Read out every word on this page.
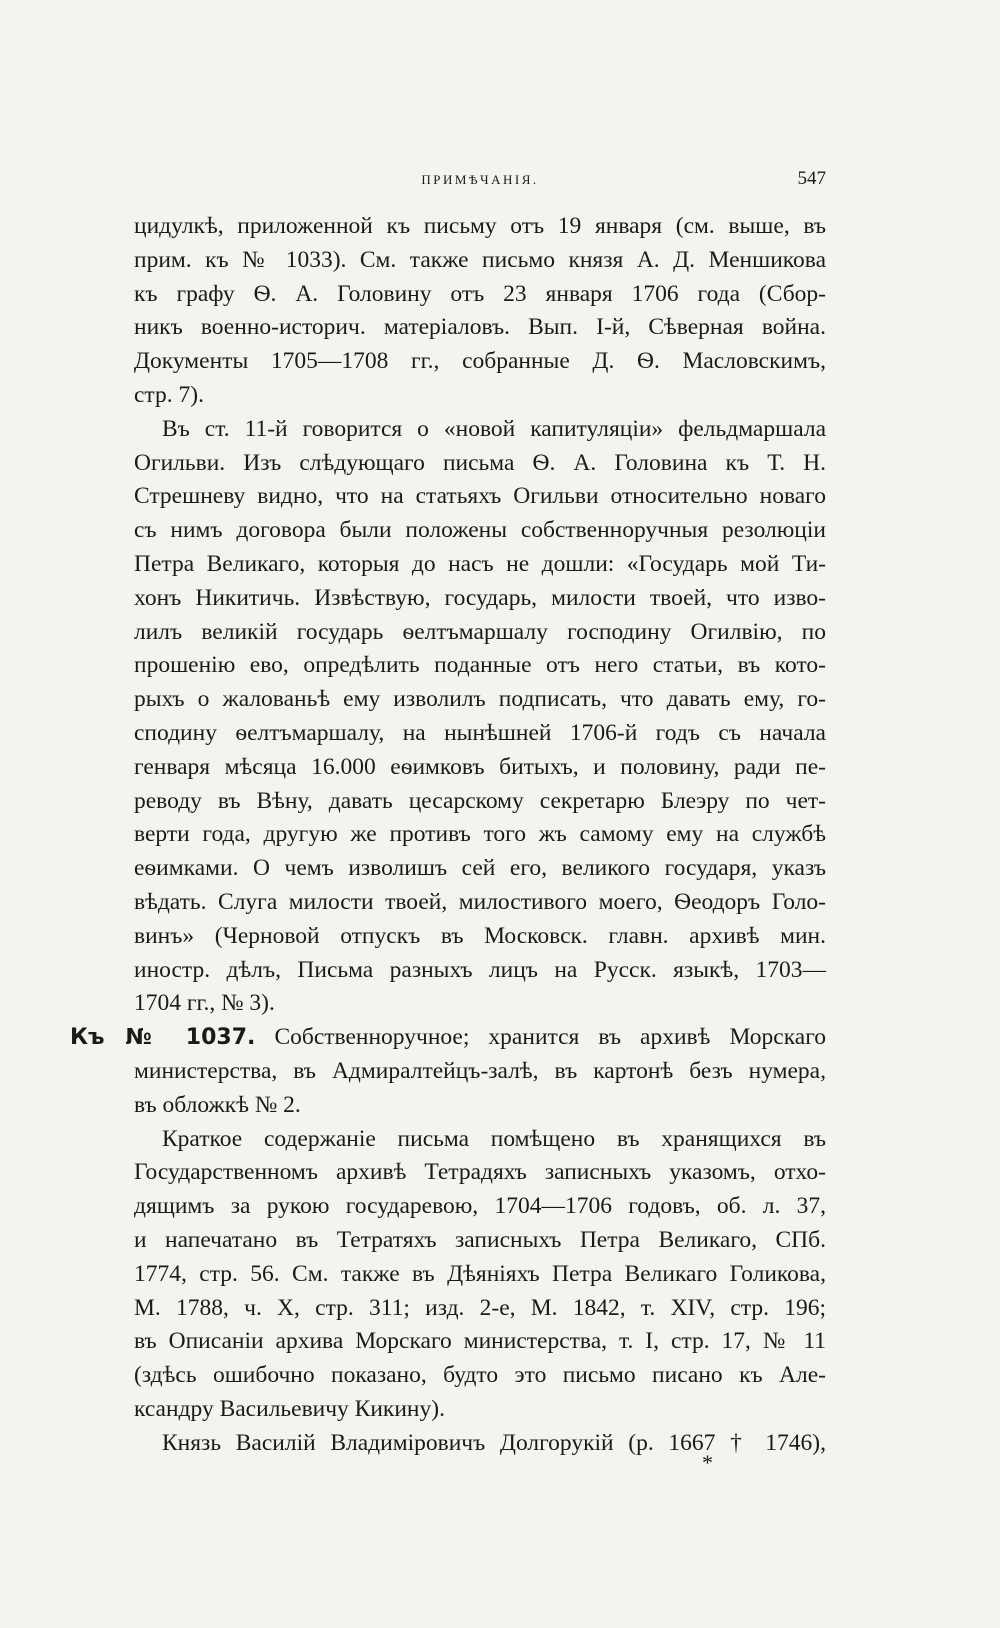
ПРИМѢЧАНІЯ.	547
цидулкѣ, приложенной къ письму отъ 19 января (см. выше, въ
прим. къ № 1033). См. также письмо князя А. Д. Меншикова
къ графу Ѳ. А. Головину отъ 23 января 1706 года (Сбор-
никъ военно-историч. матеріаловъ. Вып. І-й, Сѣверная война.
Документы 1705—1708 гг., собранные Д. Ѳ. Масловскимъ,
стр. 7).
Въ ст. 11-й говорится о «новой капитуляціи» фельдмаршала
Огильви. Изъ слѣдующаго письма Ѳ. А. Головина къ Т. Н.
Стрешневу видно, что на статьяхъ Огильви относительно новаго
съ нимъ договора были положены собственноручныя резолюціи
Петра Великаго, которыя до насъ не дошли: «Государь мой Ти-
хонъ Никитичь. Извѣствую, государь, милости твоей, что изво-
лилъ великій государь ѳелтъмаршалу господину Огилвію, по
прошенію ево, опредѣлить поданные отъ него статьи, въ кото-
рыхъ о жалованьѣ ему изволилъ подписать, что давать ему, го-
сподину ѳелтъмаршалу, на нынѣшней 1706-й годъ съ начала
генваря мѣсяца 16.000 еѳимковъ битыхъ, и половину, ради пе-
реводу въ Вѣну, давать цесарскому секретарю Блеэру по чет-
верти года, другую же противъ того жъ самому ему на службѣ
еѳимками. О чемъ изволишъ сей его, великого государя, указъ
вѣдать. Слуга милости твоей, милостивого моего, Ѳеодоръ Голо-
винъ» (Черновой отпускъ въ Московск. главн. архивѣ мин.
иностр. дѣлъ, Письма разныхъ лицъ на Русск. языкѣ, 1703—
1704 гг., № 3).
Къ № 1037. Собственноручное; хранится въ архивѣ Морскаго
министерства, въ Адмиралтейцъ-залѣ, въ картонѣ безъ нумера,
въ обложкѣ № 2.
Краткое содержаніе письма помѣщено въ хранящихся въ
Государственномъ архивѣ Тетрадяхъ записныхъ указомъ, отхо-
дящимъ за рукою государевою, 1704—1706 годовъ, об. л. 37,
и напечатано въ Тетратяхъ записныхъ Петра Великаго, СПб.
1774, стр. 56. См. также въ Дѣяніяхъ Петра Великаго Голикова,
М. 1788, ч. Х, стр. 311; изд. 2-е, М. 1842, т. XIV, стр. 196;
въ Описаніи архива Морскаго министерства, т. І, стр. 17, № 11
(здѣсь ошибочно показано, будто это письмо писано къ Але-
ксандру Васильевичу Кикину).
Князь Василій Владиміровичъ Долгорукій (р. 1667 † 1746),
*
